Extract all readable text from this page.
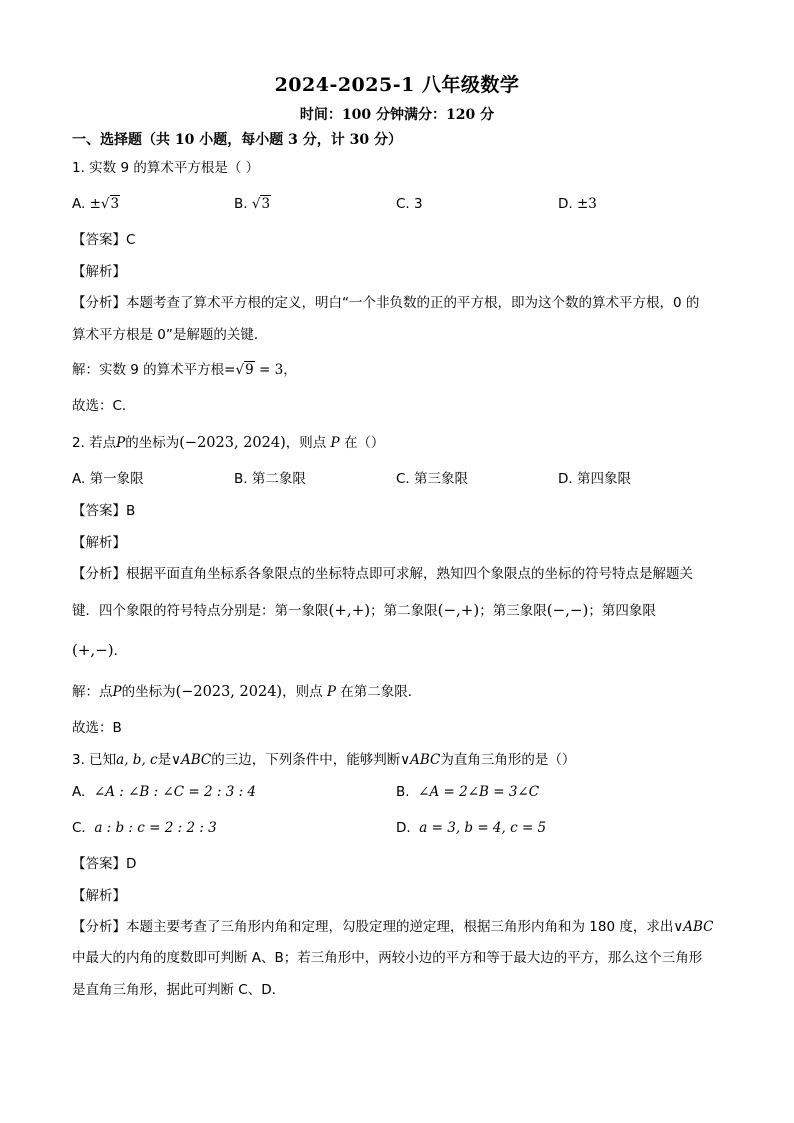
2024-2025-1 八年级数学
时间：100 分钟满分：120 分
一、选择题（共 10 小题，每小题 3 分，计 30 分）
1. 实数 9 的算术平方根是（ ）
A. ±√3	B. √3	C. 3	D. ±3
【答案】C
【解析】
【分析】本题考查了算术平方根的定义，明白“一个非负数的正的平方根，即为这个数的算术平方根，0 的
算术平方根是 0”是解题的关键．
解：实数 9 的算术平方根=√9 = 3，
故选：C．
2. 若点P的坐标为(−2023, 2024)，则点 P 在（）
A. 第一象限	B. 第二象限	C. 第三象限	D. 第四象限
【答案】B
【解析】
【分析】根据平面直角坐标系各象限点的坐标特点即可求解，熟知四个象限点的坐标的符号特点是解题关
键．四个象限的符号特点分别是：第一象限(+,+)；第二象限(−,+)；第三象限(−,−)；第四象限
(+,−)．
解：点P的坐标为(−2023, 2024)，则点 P 在第二象限．
故选：B
3. 已知a, b, c是∨ABC的三边，下列条件中，能够判断∨ABC为直角三角形的是（）
A. ∠A : ∠B : ∠C = 2 : 3 : 4	B. ∠A = 2∠B = 3∠C
C. a : b : c = 2 : 2 : 3	D. a = 3, b = 4, c = 5
【答案】D
【解析】
【分析】本题主要考查了三角形内角和定理，勾股定理的逆定理，根据三角形内角和为 180 度，求出∨ABC
中最大的内角的度数即可判断 A、B；若三角形中，两较小边的平方和等于最大边的平方，那么这个三角形
是直角三角形，据此可判断 C、D．
